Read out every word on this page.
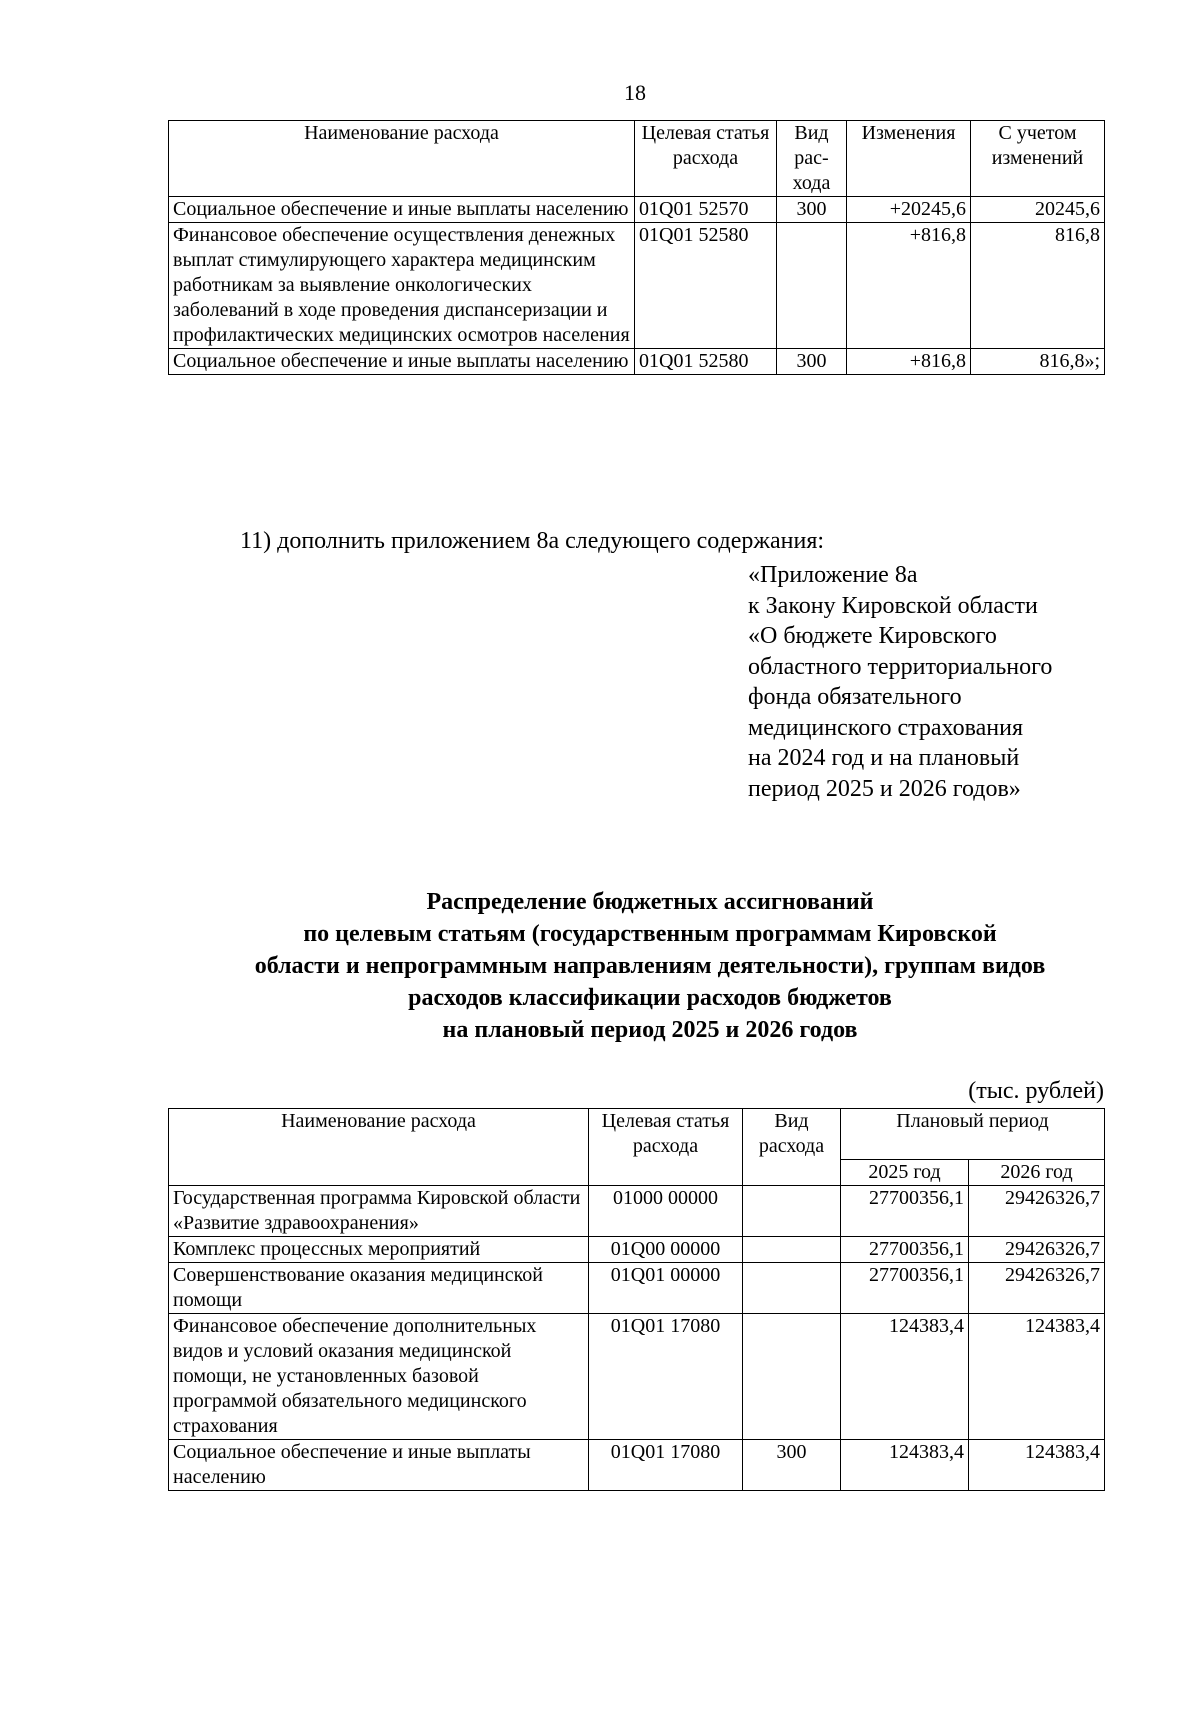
18
Наименование расхода	Целевая статья расхода	Вид рас-хода	Изменения	С учетом изменений
Социальное обеспечение и иные выплаты населению	01Q01 52570	300	+20245,6	20245,6
Финансовое обеспечение осуществления денежных выплат стимулирующего характера медицинским работникам за выявление онкологических заболеваний в ходе проведения диспансеризации и профилактических медицинских осмотров населения	01Q01 52580		+816,8	816,8
Социальное обеспечение и иные выплаты населению	01Q01 52580	300	+816,8	816,8»;
11) дополнить приложением 8а следующего содержания:
«Приложение 8а
к Закону Кировской области
«О бюджете Кировского
областного территориального
фонда обязательного
медицинского страхования
на 2024 год и на плановый
период 2025 и 2026 годов»
Распределение бюджетных ассигнований
по целевым статьям (государственным программам Кировской
области и непрограммным направлениям деятельности), группам видов
расходов классификации расходов бюджетов
на плановый период 2025 и 2026 годов
(тыс. рублей)
Наименование расхода	Целевая статья расхода	Вид расхода	Плановый период	
			2025 год	2026 год
Государственная программа Кировской области «Развитие здравоохранения»	01000 00000		27700356,1	29426326,7
Комплекс процессных мероприятий	01Q00 00000		27700356,1	29426326,7
Совершенствование оказания медицинской помощи	01Q01 00000		27700356,1	29426326,7
Финансовое обеспечение дополнительных видов и условий оказания медицинской помощи, не установленных базовой программой обязательного медицинского страхования	01Q01 17080		124383,4	124383,4
Социальное обеспечение и иные выплаты населению	01Q01 17080	300	124383,4	124383,4
